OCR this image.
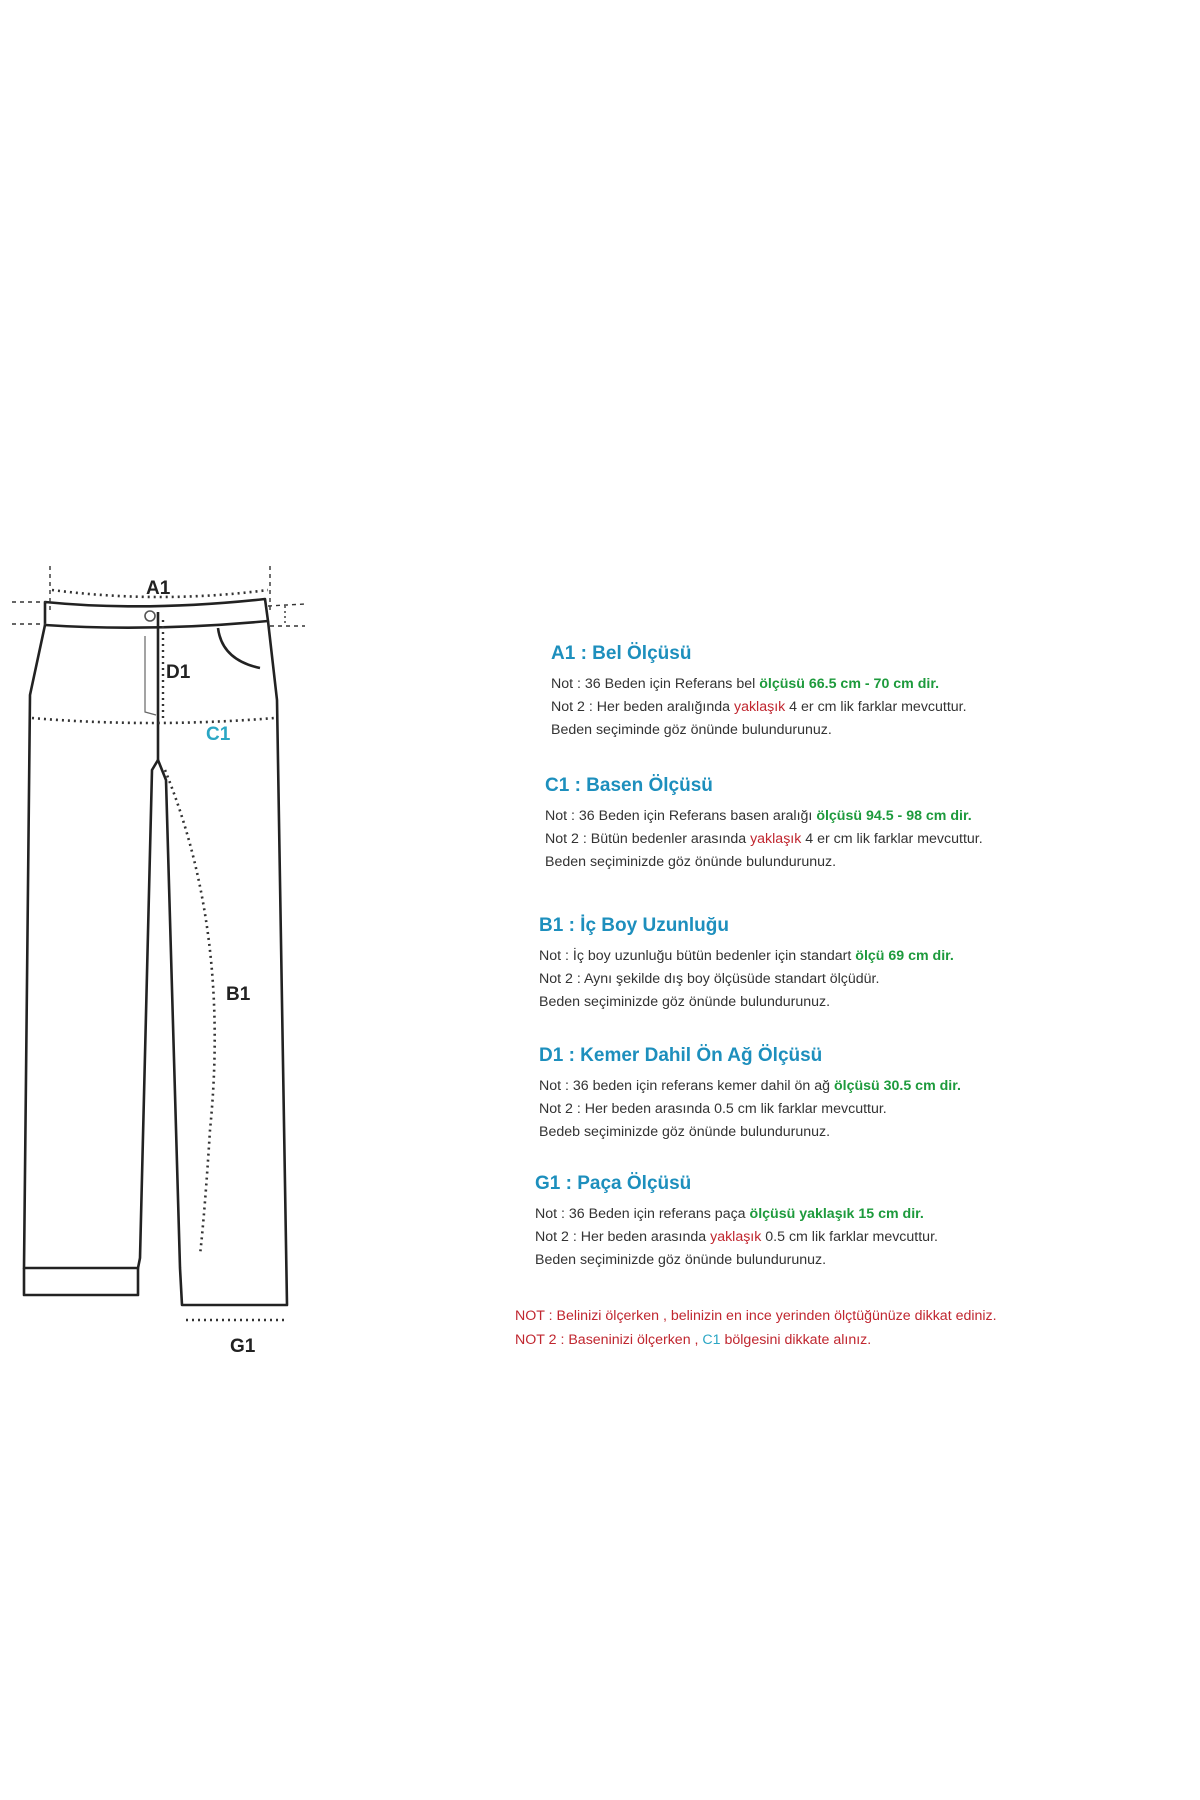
A1
D1
C1
B1
G1
A1 : Bel Ölçüsü
Not : 36 Beden için Referans bel ölçüsü 66.5 cm - 70 cm dir.
Not 2 : Her beden aralığında yaklaşık 4 er cm lik farklar mevcuttur.
Beden seçiminde göz önünde bulundurunuz.
C1 : Basen Ölçüsü
Not : 36 Beden için Referans basen aralığı ölçüsü 94.5 - 98 cm dir.
Not 2 : Bütün bedenler arasında yaklaşık 4 er cm lik farklar mevcuttur.
Beden seçiminizde göz önünde bulundurunuz.
B1 : İç Boy Uzunluğu
Not : İç boy uzunluğu bütün bedenler için standart ölçü 69 cm dir.
Not 2 : Aynı şekilde dış boy ölçüsüde standart ölçüdür.
Beden seçiminizde göz önünde bulundurunuz.
D1 : Kemer Dahil Ön Ağ Ölçüsü
Not : 36 beden için referans kemer dahil ön ağ ölçüsü 30.5 cm dir.
Not 2 : Her beden arasında 0.5 cm lik farklar mevcuttur.
Bedeb seçiminizde göz önünde bulundurunuz.
G1 : Paça Ölçüsü
Not : 36 Beden için referans paça ölçüsü yaklaşık 15 cm dir.
Not 2 : Her beden arasında yaklaşık 0.5 cm lik farklar mevcuttur.
Beden seçiminizde göz önünde bulundurunuz.
NOT : Belinizi ölçerken , belinizin en ince yerinden ölçtüğünüze dikkat ediniz.
NOT 2 : Baseninizi ölçerken , C1 bölgesini dikkate alınız.
